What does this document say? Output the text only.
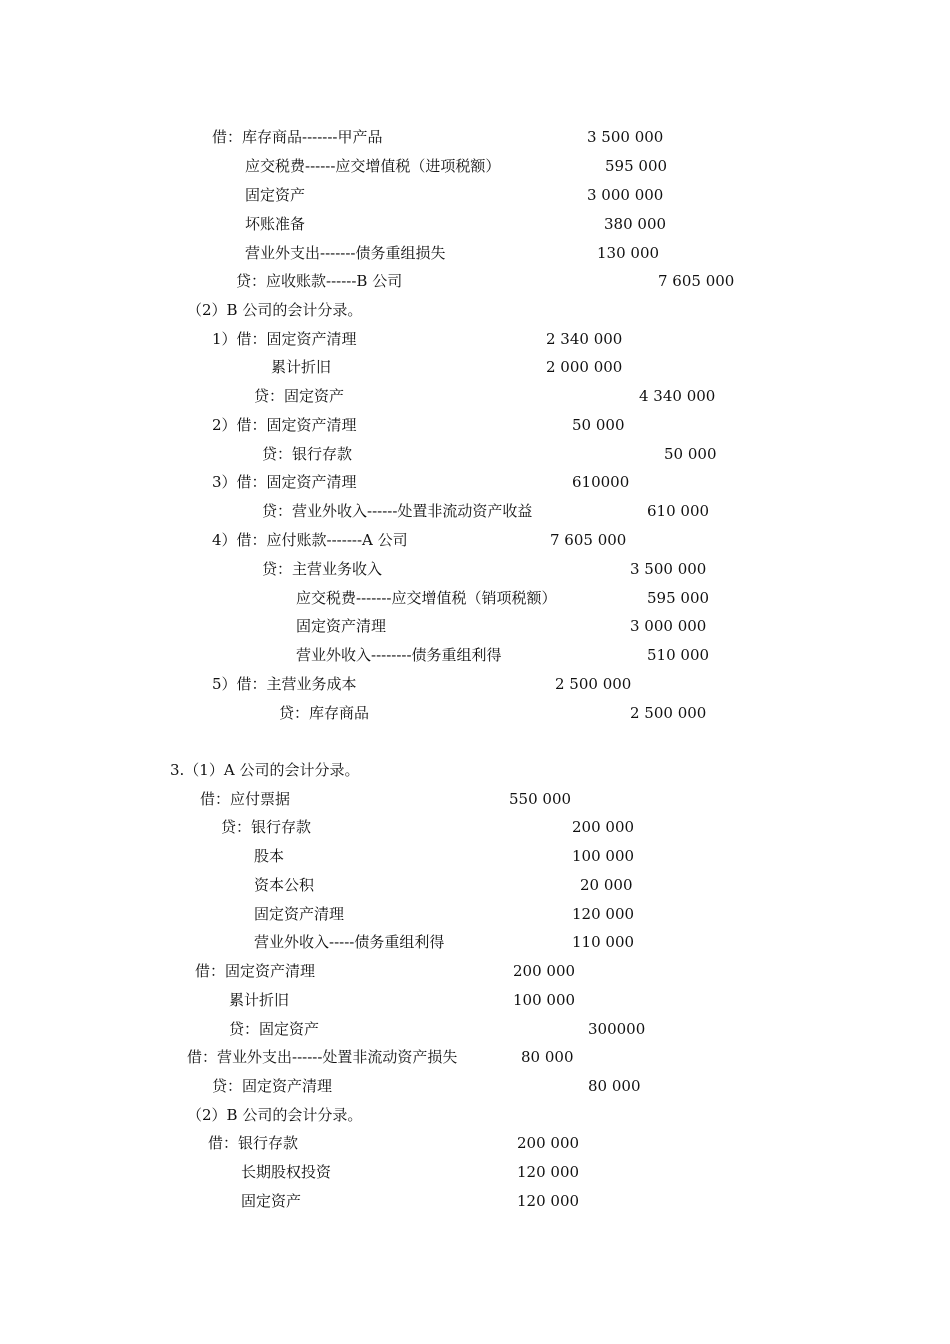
借：库存商品-------甲产品	3 500 000
应交税费------应交增值税（进项税额）	595 000
固定资产	3 000 000
坏账准备	380 000
营业外支出-------债务重组损失	130 000
贷：应收账款------B 公司	7 605 000
（2）B 公司的会计分录。
1）借：固定资产清理	2 340 000
累计折旧	2 000 000
贷：固定资产	4 340 000
2）借：固定资产清理	50 000
贷：银行存款	50 000
3）借：固定资产清理	610000
贷：营业外收入------处置非流动资产收益	610 000
4）借：应付账款-------A 公司	7 605 000
贷：主营业务收入	3 500 000
应交税费-------应交增值税（销项税额）	595 000
固定资产清理	3 000 000
营业外收入--------债务重组利得	510 000
5）借：主营业务成本	2 500 000
贷：库存商品	2 500 000
3.（1）A 公司的会计分录。
借：应付票据	550 000
贷：银行存款	200 000
股本	100 000
资本公积	20 000
固定资产清理	120 000
营业外收入-----债务重组利得	110 000
借：固定资产清理	200 000
累计折旧	100 000
贷：固定资产	300000
借：营业外支出------处置非流动资产损失	80 000
贷：固定资产清理	80 000
（2）B 公司的会计分录。
借：银行存款	200 000
长期股权投资	120 000
固定资产	120 000
